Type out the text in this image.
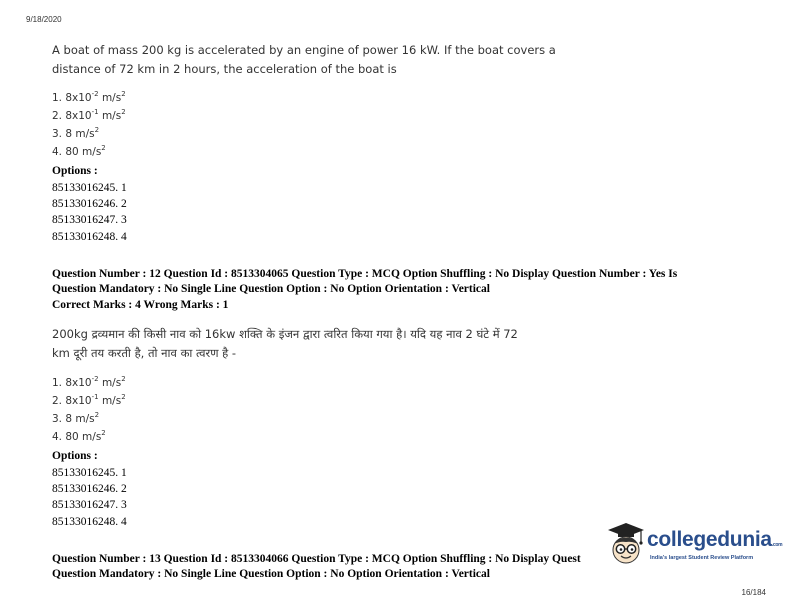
9/18/2020
A boat of mass 200 kg is accelerated by an engine of power 16 kW. If the boat covers a
distance of 72 km in 2 hours, the acceleration of the boat is
1. $8x10^{-2}$ $m/s^2$
2. $8x10^{-1}$ $m/s^2$
3. 8 $m/s^2$
4. 80 $m/s^2$
Options :
85133016245. 1
85133016246. 2
85133016247. 3
85133016248. 4
Question Number : 12 Question Id : 8513304065 Question Type : MCQ Option Shuffling : No Display Question Number : Yes Is
Question Mandatory : No Single Line Question Option : No Option Orientation : Vertical
Correct Marks : 4 Wrong Marks : 1
200kg द्रव्यमान की किसी नाव को 16kw शक्ति के इंजन द्वारा त्वरित किया गया है। यदि यह नाव 2 घंटे में 72
km दूरी तय करती है, तो नाव का त्वरण है -
1. $8x10^{-2}$ $m/s^2$
2. $8x10^{-1}$ $m/s^2$
3. 8 $m/s^2$
4. 80 $m/s^2$
Options :
85133016245. 1
85133016246. 2
85133016247. 3
85133016248. 4
Question Number : 13 Question Id : 8513304066 Question Type : MCQ Option Shuffling : No Display Quest
Question Mandatory : No Single Line Question Option : No Option Orientation : Vertical
collegedunia.com
India's largest Student Review Platform
16/184
